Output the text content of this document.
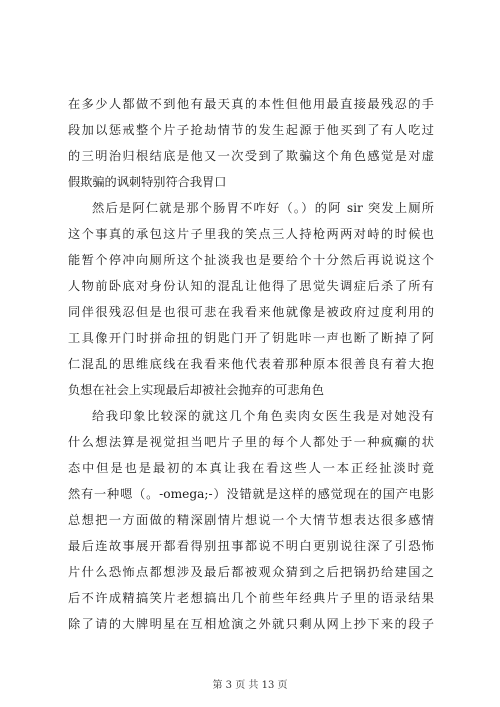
在多少人都做不到他有最天真的本性但他用最直接最残忍的手
段加以惩戒整个片子抢劫情节的发生起源于他买到了有人吃过
的三明治归根结底是他又一次受到了欺骗这个角色感觉是对虚
假欺骗的讽刺特别符合我胃口
然后是阿仁就是那个肠胃不咋好（。）的阿 sir 突发上厕所
这个事真的承包这片子里我的笑点三人持枪两两对峙的时候也
能暂个停冲向厕所这个扯淡我也是要给个十分然后再说说这个
人物前卧底对身份认知的混乱让他得了思觉失调症后杀了所有
同伴很残忍但是也很可悲在我看来他就像是被政府过度利用的
工具像开门时拼命扭的钥匙门开了钥匙咔一声也断了断掉了阿
仁混乱的思维底线在我看来他代表着那种原本很善良有着大抱
负想在社会上实现最后却被社会抛弃的可悲角色
给我印象比较深的就这几个角色卖肉女医生我是对她没有
什么想法算是视觉担当吧片子里的每个人都处于一种疯癫的状
态中但是也是最初的本真让我在看这些人一本正经扯淡时竟
然有一种嗯（。-omega;-）没错就是这样的感觉现在的国产电影
总想把一方面做的精深剧情片想说一个大情节想表达很多感情
最后连故事展开都看得别扭事都说不明白更别说往深了引恐怖
片什么恐怖点都想涉及最后都被观众猜到之后把锅扔给建国之
后不许成精搞笑片老想搞出几个前些年经典片子里的语录结果
除了请的大牌明星在互相尬演之外就只剩从网上抄下来的段子
第 3 页 共 13 页
